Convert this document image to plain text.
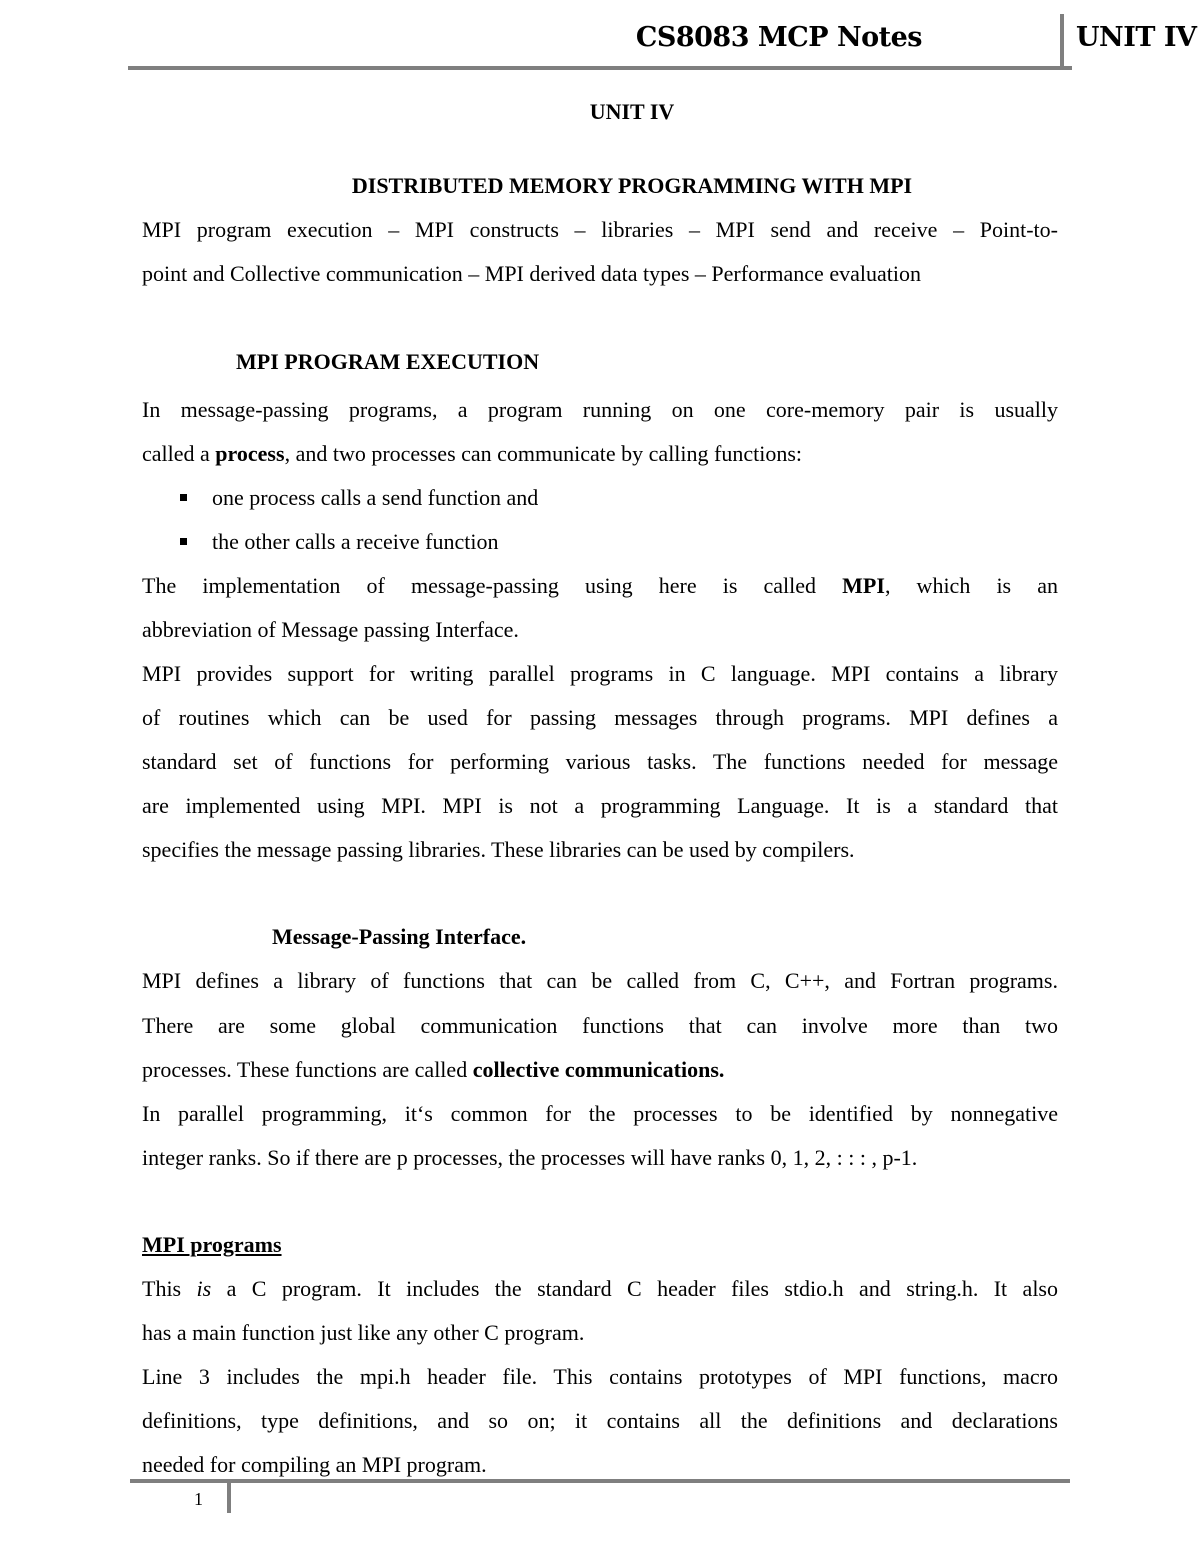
CS8083 MCP Notes	UNIT IV
UNIT IV
DISTRIBUTED MEMORY PROGRAMMING WITH MPI
MPI program execution – MPI constructs – libraries – MPI send and receive – Point-to-
point and Collective communication – MPI derived data types – Performance evaluation
MPI PROGRAM EXECUTION
In message-passing programs, a program running on one core-memory pair is usually
called a process, and two processes can communicate by calling functions:
one process calls a send function and
the other calls a receive function
The implementation of message-passing using here is called MPI, which is an
abbreviation of Message passing Interface.
MPI provides support for writing parallel programs in C language. MPI contains a library
of routines which can be used for passing messages through programs. MPI defines a
standard set of functions for performing various tasks. The functions needed for message
are implemented using MPI. MPI is not a programming Language. It is a standard that
specifies the message passing libraries. These libraries can be used by compilers.
Message-Passing Interface.
MPI defines a library of functions that can be called from C, C++, and Fortran programs.
There are some global communication functions that can involve more than two
processes. These functions are called collective communications.
In parallel programming, it‘s common for the processes to be identified by nonnegative
integer ranks. So if there are p processes, the processes will have ranks 0, 1, 2, : : : , p-1.
MPI programs
This is a C program. It includes the standard C header files stdio.h and string.h. It also
has a main function just like any other C program.
Line 3 includes the mpi.h header file. This contains prototypes of MPI functions, macro
definitions, type definitions, and so on; it contains all the definitions and declarations
needed for compiling an MPI program.
1
